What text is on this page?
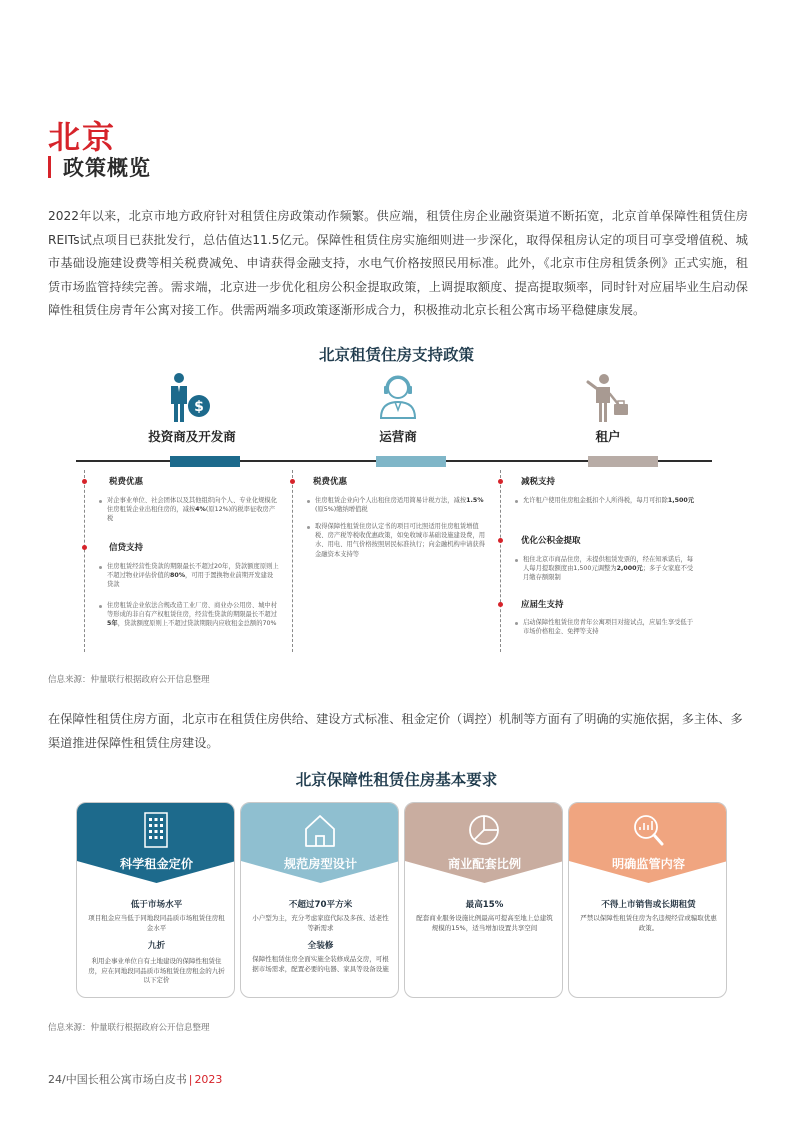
北京
政策概览
2022年以来，北京市地方政府针对租赁住房政策动作频繁。供应端，租赁住房企业融资渠道不断拓宽，北京首单保障性租赁住房REITs试点项目已获批发行，总估值达11.5亿元。保障性租赁住房实施细则进一步深化，取得保租房认定的项目可享受增值税、城市基础设施建设费等相关税费减免、申请获得金融支持，水电气价格按照民用标准。此外，《北京市住房租赁条例》正式实施，租赁市场监管持续完善。需求端，北京进一步优化租房公积金提取政策，上调提取额度、提高提取频率，同时针对应届毕业生启动保障性租赁住房青年公寓对接工作。供需两端多项政策逐渐形成合力，积极推动北京长租公寓市场平稳健康发展。
北京租赁住房支持政策
$
投资商及开发商	运营商	租户
税费优惠
对企事业单位、社会团体以及其他组织向个人、专业化规模化住房租赁企业出租住房的，减按4%(原12%)的税率征收房产税
信贷支持
住房租赁经营性贷款的期限最长不超过20年，贷款额度原则上不超过物业评估价值的80%，可用于置换物业前期开发建设贷款
住房租赁企业依法合规改造工业厂房、商业办公用房、城中村等形成的非自有产权租赁住房，经营性贷款的期限最长不超过5年，贷款额度原则上不超过贷款期限内应收租金总额的70%
税费优惠
住房租赁企业向个人出租住房适用简易计税方法，减按1.5%(原5%)缴纳增值税
取得保障性租赁住房认定书的项目可比照适用住房租赁增值税、房产税等税收优惠政策，如免收城市基础设施建设费，用水、用电、用气价格按照居民标准执行；向金融机构申请获得金融资本支持等
减税支持
允许租户使用住房租金抵扣个人所得税，每月可扣除1,500元
优化公积金提取
租住北京市商品住房，未提供租赁发票的，经在知承诺后，每人每月提取额度由1,500元调整为2,000元；多子女家庭不受月缴存额限制
应届生支持
启动保障性租赁住房青年公寓项目对接试点，应届生享受低于市场价格租金、免押等支持
信息来源：仲量联行根据政府公开信息整理
在保障性租赁住房方面，北京市在租赁住房供给、建设方式标准、租金定价（调控）机制等方面有了明确的实施依据，多主体、多渠道推进保障性租赁住房建设。
北京保障性租赁住房基本要求
科学租金定价
低于市场水平
项目租金应当低于同地段同品质市场租赁住房租金水平
九折
利用企事业单位自有土地建设的保障性租赁住房，应在同地段同品质市场租赁住房租金的九折以下定价
规范房型设计
不超过70平方米
小户型为主，充分考虑家庭代际及多孩、适老性等新需求
全装修
保障性租赁住房全面实施全装修成品交房，可根据市场需求，配置必要的电器、家具等设备设施
商业配套比例
最高15%
配套商业服务设施比例最高可提高至地上总建筑规模的15%，适当增加设置共享空间
明确监管内容
不得上市销售或长期租赁
严禁以保障性租赁住房为名违规经营或骗取优惠政策。
信息来源：仲量联行根据政府公开信息整理
24/中国长租公寓市场白皮书 | 2023
